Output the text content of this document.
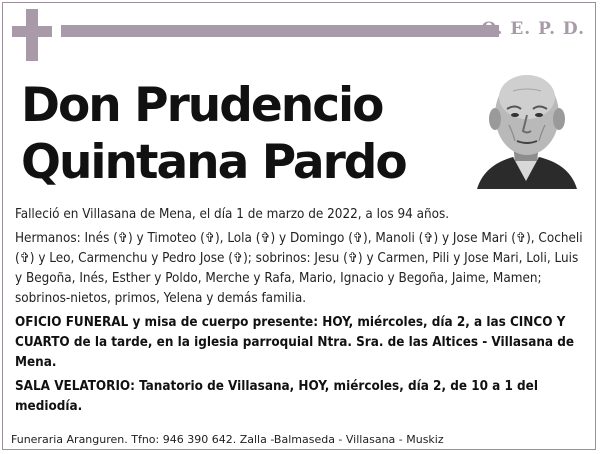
Q. E. P. D.
Don Prudencio
Quintana Pardo

Falleció en Villasana de Mena, el día 1 de marzo de 2022, a los 94 años.

Hermanos: Inés (✞) y Timoteo (✞), Lola (✞) y Domingo (✞), Manoli (✞) y Jose Mari (✞), Cocheli (✞) y Leo, Carmenchu y Pedro Jose (✞); sobrinos: Jesu (✞) y Carmen, Pili y Jose Mari, Loli, Luis y Begoña, Inés, Esther y Poldo, Merche y Rafa, Mario, Ignacio y Begoña, Jaime, Mamen; sobrinos-nietos, primos, Yelena y demás familia.

OFICIO FUNERAL y misa de cuerpo presente: HOY, miércoles, día 2, a las CINCO Y CUARTO de la tarde, en la iglesia parroquial Ntra. Sra. de las Altices - Villasana de Mena.

SALA VELATORIO: Tanatorio de Villasana, HOY, miércoles, día 2, de 10 a 1 del mediodía.

Funeraria Aranguren. Tfno: 946 390 642. Zalla -Balmaseda - Villasana - Muskiz
